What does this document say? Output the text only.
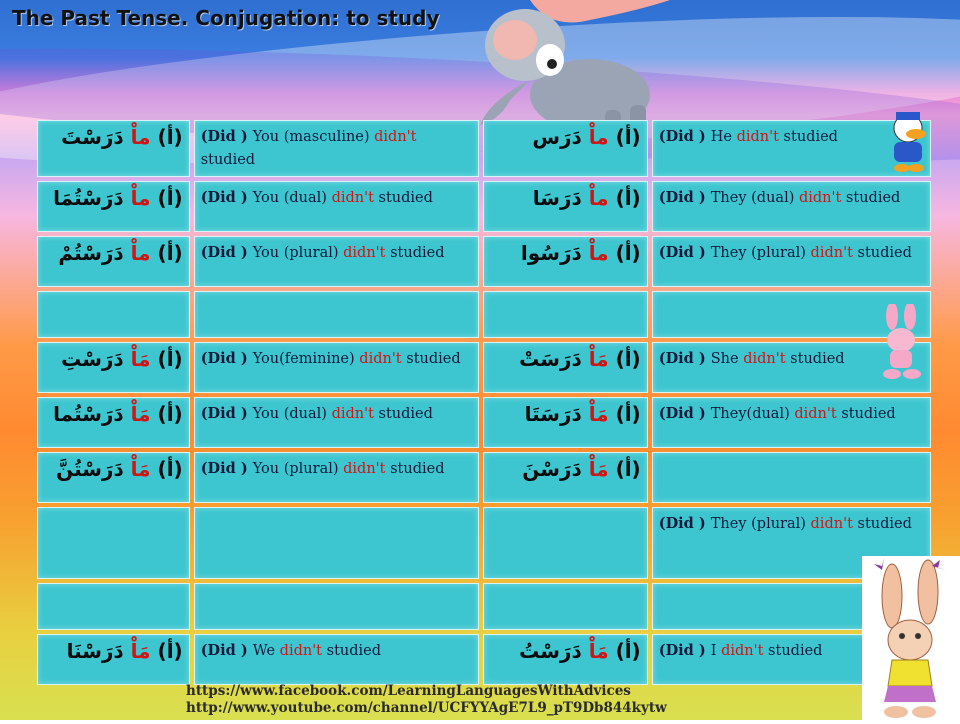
The Past Tense. Conjugation: to study
(أ) ماْ دَرَسْتَ	(Did ) You (masculine) didn't studied	(أ) ماْ دَرَس	(Did ) He didn't studied
(أ) ماْ دَرَسْتُمَا	(Did ) You (dual) didn't studied	(أ) ماْ دَرَسَا	(Did ) They (dual) didn't studied
(أ) ماْ دَرَسْتُمْ	(Did ) You (plural) didn't studied	(أ) ماْ دَرَسُوا	(Did ) They (plural) didn't studied

(أ) مَاْ دَرَسْتِ	(Did ) You(feminine) didn't studied	(أ) مَاْ دَرَسَتْ	(Did ) She didn't studied
(أ) مَاْ دَرَسْتُما	(Did ) You (dual) didn't studied	(أ) مَاْ دَرَسَتَا	(Did ) They(dual) didn't studied
(أ) مَاْ دَرَسْتُنَّ	(Did ) You (plural) didn't studied	(أ) مَاْ دَرَسْنَ	
			(Did ) They (plural) didn't studied

(أ) مَاْ دَرَسْنَا	(Did ) We didn't studied	(أ) مَاْ دَرَسْتُ	(Did ) I didn't studied
https://www.facebook.com/LearningLanguagesWithAdvices
http://www.youtube.com/channel/UCFYYAgE7L9_pT9Db844kytw
